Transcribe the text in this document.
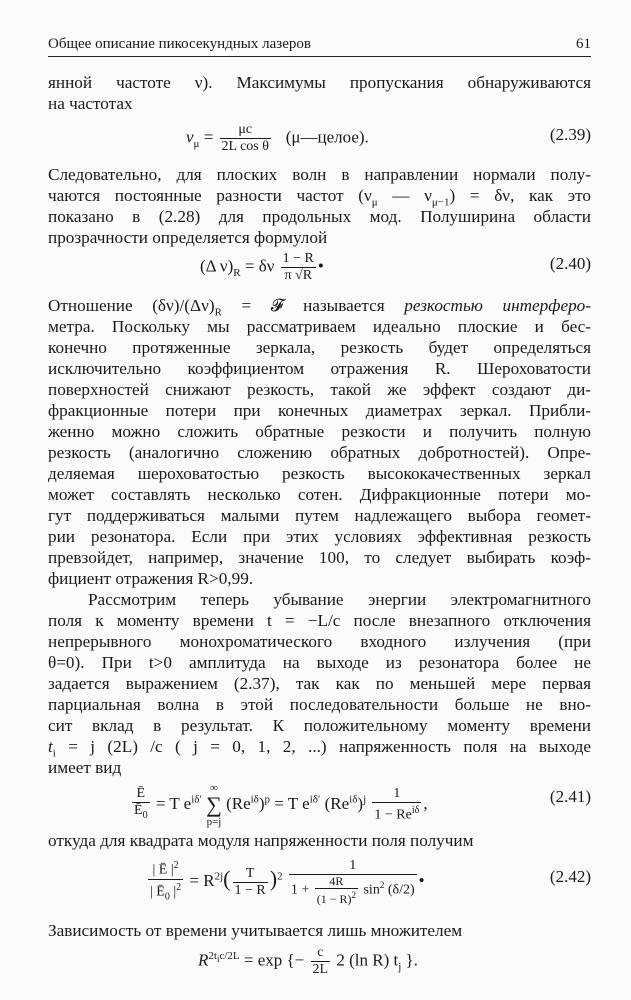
Общее описание пикосекундных лазеров	61
янной частоте ν). Максимумы пропускания обнаруживаются
на частотах
$\nu_\mu = \frac{\mu c}{\text{2L cos θ}}$ (μ—целое).	(2.39)
Следовательно, для плоских волн в направлении нормали полу-
чаются постоянные разности частот ($\nu_\mu$ — $\nu_{\mu-1}) = \delta\nu$, как это
показано в (2.28) для продольных мод. Полуширина области
прозрачности определяется формулой
(Δ $\nu)_R = \delta\nu \frac{1 - R}{\pi √R}$ •	(2.40)
Отношение $(\delta\nu)/(\Delta\nu)_R$ = 𝓕 называется резкостью интерферо-
метра. Поскольку мы рассматриваем идеально плоские и бес-
конечно протяженные зеркала, резкость будет определяться
исключительно коэффициентом отражения R. Шероховатости
поверхностей снижают резкость, такой же эффект создают ди-
фракционные потери при конечных диаметрах зеркал. Прибли-
женно можно сложить обратные резкости и получить полную
резкость (аналогично сложению обратных добротностей). Опре-
деляемая шероховатостью резкость высококачественных зеркал
может составлять несколько сотен. Дифракционные потери мо-
гут поддерживаться малыми путем надлежащего выбора геомет-
рии резонатора. Если при этих условиях эффективная резкость
превзойдет, например, значение 100, то следует выбирать коэф-
фициент отражения R>0,99.
Рассмотрим теперь убывание энергии электромагнитного
поля к моменту времени t = −L/c после внезапного отключения
непрерывного монохроматического входного излучения (при
θ=0). При t>0 амплитуда на выходе из резонатора более не
задается выражением (2.37), так как по меньшей мере первая
парциальная волна в этой последовательности больше не вно-
сит вклад в результат. К положительному моменту времени
$t_i = j$ (2L) /c ( j = 0, 1, 2, ...) напряженность поля на выходе
имеет вид
$\frac{Ē}{Ē_0} = T$ $e^{i\delta'}$
∞
∑
p=j
$(Re^{i\delta})^p = T$ $e^{i\delta'}$ $(Re^{i\delta})^j \frac{1}{1 - Re^{i\delta}}$ ,	(2.41)
откуда для квадрата модуля напряженности поля получим
$\frac{| Ē |^2}{| Ē_0 |^2} = R^{2j}( \frac{T}{1 - R} )^2$
1
$1 + \frac{4R}{(1 - R)^2} \sin^2 (\delta/2)$
•	(2.42)
Зависимость от времени учитывается лишь множителем
$R^{2t_ic/2L} = \exp$ {− $\frac{c}{2L} 2$ (ln R) $t_j$ }.
